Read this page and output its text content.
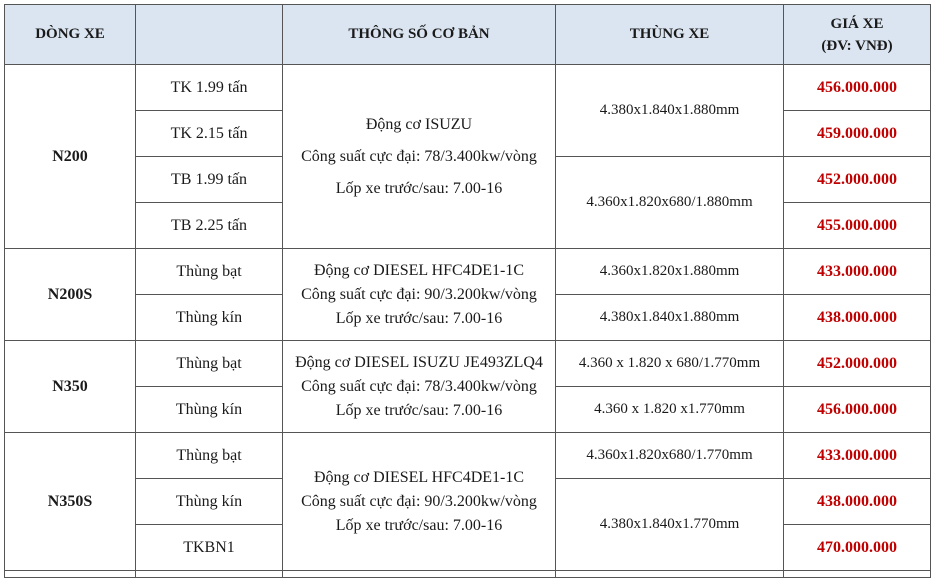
DÒNG XE		THÔNG SỐ CƠ BẢN	THÙNG XE	GIÁ XE
(ĐV: VNĐ)

N200	TK 1.99 tấn	Động cơ ISUZU
Công suất cực đại: 78/3.400kw/vòng
Lốp xe trước/sau: 7.00-16	4.380x1.840x1.880mm	456.000.000
	TK 2.15 tấn			459.000.000
	TB 1.99 tấn		4.360x1.820x680/1.880mm	452.000.000
	TB 2.25 tấn			455.000.000
N200S	Thùng bạt	Động cơ DIESEL HFC4DE1-1C
Công suất cực đại: 90/3.200kw/vòng
Lốp xe trước/sau: 7.00-16	4.360x1.820x1.880mm	433.000.000
	Thùng kín		4.380x1.840x1.880mm	438.000.000
N350	Thùng bạt	Động cơ DIESEL ISUZU JE493ZLQ4
Công suất cực đại: 78/3.400kw/vòng
Lốp xe trước/sau: 7.00-16	4.360 x 1.820 x 680/1.770mm	452.000.000
	Thùng kín		4.360 x 1.820 x1.770mm	456.000.000
N350S	Thùng bạt	Động cơ DIESEL HFC4DE1-1C
Công suất cực đại: 90/3.200kw/vòng
Lốp xe trước/sau: 7.00-16	4.360x1.820x680/1.770mm	433.000.000
	Thùng kín		4.380x1.840x1.770mm	438.000.000
	TKBN1			470.000.000
